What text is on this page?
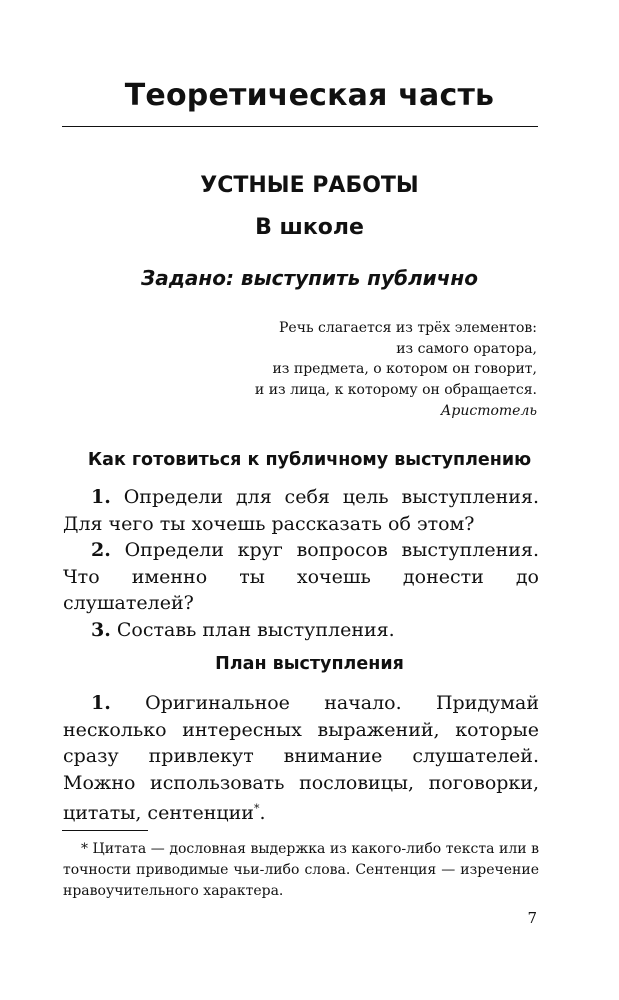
Теоретическая часть
УСТНЫЕ РАБОТЫ
В школе
Задано: выступить публично
Речь слагается из трёх элементов:
из самого оратора,
из предмета, о котором он говорит,
и из лица, к которому он обращается.
Аристотель
Как готовиться к публичному выступлению

1. Определи для себя цель выступления. Для чего ты хочешь рассказать об этом?

2. Определи круг вопросов выступления. Что именно ты хочешь донести до слушателей?

3. Составь план выступления.

План выступления

1. Оригинальное начало. Придумай несколько интересных выражений, которые сразу привлекут внимание слушателей. Можно использовать пословицы, поговорки, цитаты, сентенции*.

* Цитата — дословная выдержка из какого-либо текста или в точности приводимые чьи-либо слова. Сентенция — изречение нравоучительного характера.

7
